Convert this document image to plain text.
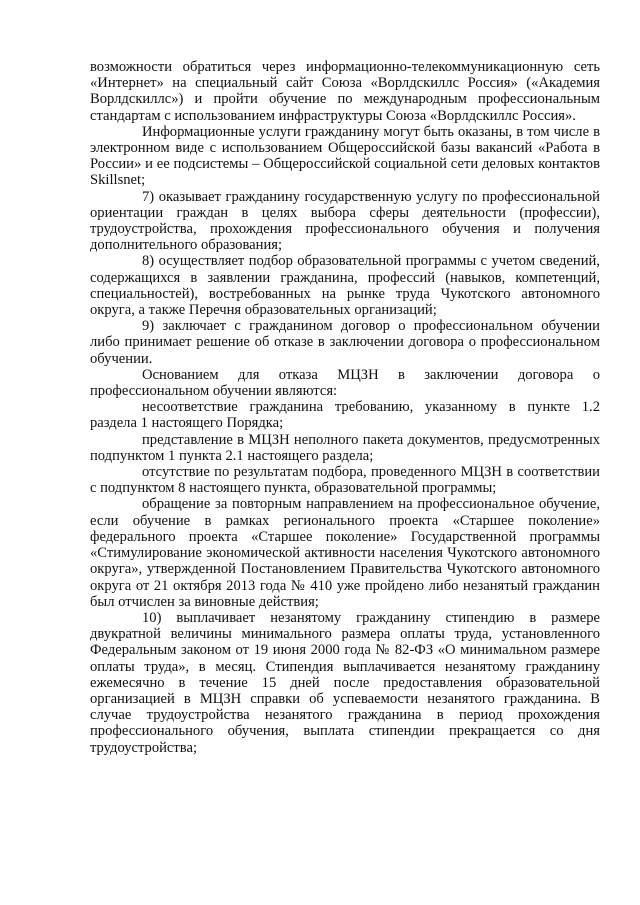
возможности обратиться через информационно-телекоммуникационную сеть «Интернет» на специальный сайт Союза «Ворлдскиллс Россия» («Академия Ворлдскиллс») и пройти обучение по международным профессиональным стандартам с использованием инфраструктуры Союза «Ворлдскиллс Россия».

Информационные услуги гражданину могут быть оказаны, в том числе в электронном виде с использованием Общероссийской базы вакансий «Работа в России» и ее подсистемы – Общероссийской социальной сети деловых контактов Skillsnet;

7) оказывает гражданину государственную услугу по профессиональной ориентации граждан в целях выбора сферы деятельности (профессии), трудоустройства, прохождения профессионального обучения и получения дополнительного образования;

8) осуществляет подбор образовательной программы с учетом сведений, содержащихся в заявлении гражданина, профессий (навыков, компетенций, специальностей), востребованных на рынке труда Чукотского автономного округа, а также Перечня образовательных организаций;

9) заключает с гражданином договор о профессиональном обучении либо принимает решение об отказе в заключении договора о профессиональном обучении.

Основанием для отказа МЦЗН в заключении договора о профессиональном обучении являются:

несоответствие гражданина требованию, указанному в пункте 1.2 раздела 1 настоящего Порядка;

представление в МЦЗН неполного пакета документов, предусмотренных подпунктом 1 пункта 2.1 настоящего раздела;

отсутствие по результатам подбора, проведенного МЦЗН в соответствии с подпунктом 8 настоящего пункта, образовательной программы;

обращение за повторным направлением на профессиональное обучение, если обучение в рамках регионального проекта «Старшее поколение» федерального проекта «Старшее поколение» Государственной программы «Стимулирование экономической активности населения Чукотского автономного округа», утвержденной Постановлением Правительства Чукотского автономного округа от 21 октября 2013 года № 410 уже пройдено либо незанятый гражданин был отчислен за виновные действия;

10) выплачивает незанятому гражданину стипендию в размере двукратной величины минимального размера оплаты труда, установленного Федеральным законом от 19 июня 2000 года № 82-ФЗ «О минимальном размере оплаты труда», в месяц. Стипендия выплачивается незанятому гражданину ежемесячно в течение 15 дней после предоставления образовательной организацией в МЦЗН справки об успеваемости незанятого гражданина. В случае трудоустройства незанятого гражданина в период прохождения профессионального обучения, выплата стипендии прекращается со дня трудоустройства;
